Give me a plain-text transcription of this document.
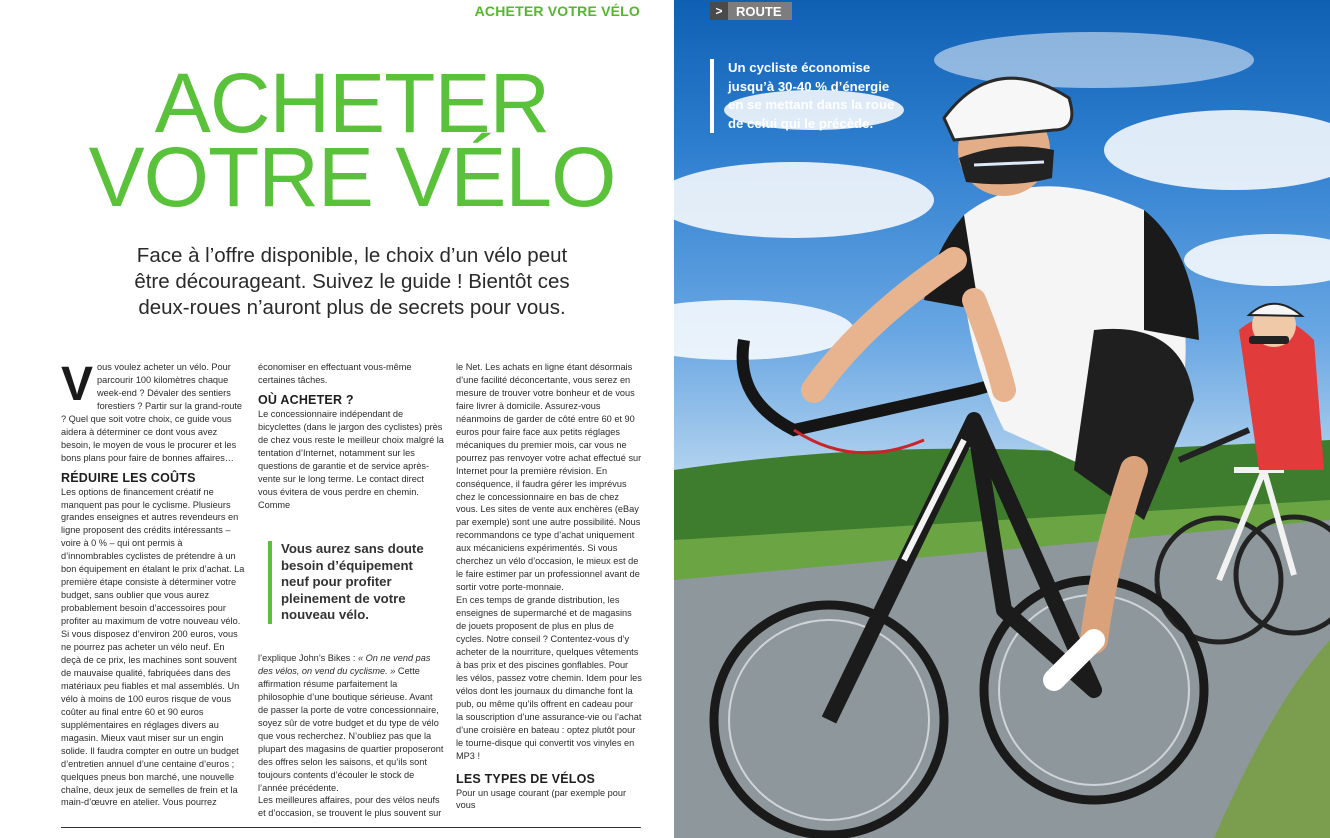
ACHETER VOTRE VÉLO
ACHETER
VOTRE VÉLO
Face à l’offre disponible, le choix d’un vélo peut
être décourageant. Suivez le guide ! Bientôt ces
deux-roues n’auront plus de secrets pour vous.

Vous voulez acheter un vélo. Pour parcourir 100 kilomètres chaque week-end ? Dévaler des sentiers forestiers ? Partir sur la grand-route ? Quel que soit votre choix, ce guide vous aidera à déterminer ce dont vous avez besoin, le moyen de vous le procurer et les bons plans pour faire de bonnes affaires…

RÉDUIRE LES COÛTS

Les options de financement créatif ne manquent pas pour le cyclisme. Plusieurs grandes enseignes et autres revendeurs en ligne proposent des crédits intéressants – voire à 0 % – qui ont permis à d’innombrables cyclistes de prétendre à un bon équipement en étalant le prix d’achat. La première étape consiste à déterminer votre budget, sans oublier que vous aurez probablement besoin d’accessoires pour profiter au maximum de votre nouveau vélo. Si vous disposez d’environ 200 euros, vous ne pourrez pas acheter un vélo neuf. En deçà de ce prix, les machines sont souvent de mauvaise qualité, fabriquées dans des matériaux peu fiables et mal assemblés. Un vélo à moins de 100 euros risque de vous coûter au final entre 60 et 90 euros supplémentaires en réglages divers au magasin. Mieux vaut miser sur un engin solide. Il faudra compter en outre un budget d’entretien annuel d’une centaine d’euros ; quelques pneus bon marché, une nouvelle chaîne, deux jeux de semelles de frein et la main-d’œuvre en atelier. Vous pourrez

économiser en effectuant vous-même certaines tâches.

OÙ ACHETER ?

Le concessionnaire indépendant de bicyclettes (dans le jargon des cyclistes) près de chez vous reste le meilleur choix malgré la tentation d’Internet, notamment sur les questions de garantie et de service après-vente sur le long terme. Le contact direct vous évitera de vous perdre en chemin. Comme

Vous aurez sans doute besoin d’équipement neuf pour profiter pleinement de votre nouveau vélo.

l’explique John’s Bikes : « On ne vend pas des vélos, on vend du cyclisme. » Cette affirmation résume parfaitement la philosophie d’une boutique sérieuse. Avant de passer la porte de votre concessionnaire, soyez sûr de votre budget et du type de vélo que vous recherchez. N’oubliez pas que la plupart des magasins de quartier proposeront des offres selon les saisons, et qu’ils sont toujours contents d’écouler le stock de l’année précédente.

Les meilleures affaires, pour des vélos neufs et d’occasion, se trouvent le plus souvent sur

le Net. Les achats en ligne étant désormais d’une facilité déconcertante, vous serez en mesure de trouver votre bonheur et de vous faire livrer à domicile. Assurez-vous néanmoins de garder de côté entre 60 et 90 euros pour faire face aux petits réglages mécaniques du premier mois, car vous ne pourrez pas renvoyer votre achat effectué sur Internet pour la première révision. En conséquence, il faudra gérer les imprévus chez le concessionnaire en bas de chez vous. Les sites de vente aux enchères (eBay par exemple) sont une autre possibilité. Nous recommandons ce type d’achat uniquement aux mécaniciens expérimentés. Si vous cherchez un vélo d’occasion, le mieux est de le faire estimer par un professionnel avant de sortir votre porte-monnaie.

En ces temps de grande distribution, les enseignes de supermarché et de magasins de jouets proposent de plus en plus de cycles. Notre conseil ? Contentez-vous d’y acheter de la nourriture, quelques vêtements à bas prix et des piscines gonflables. Pour les vélos, passez votre chemin. Idem pour les vélos dont les journaux du dimanche font la pub, ou même qu’ils offrent en cadeau pour la souscription d’une assurance-vie ou l’achat d’une croisière en bateau : optez plutôt pour le tourne-disque qui convertit vos vinyles en MP3 !

LES TYPES DE VÉLOS

Pour un usage courant (par exemple pour vous

>	ROUTE
Un cycliste économise jusqu’à 30-40 % d’énergie en se mettant dans la roue de celui qui le précède.
